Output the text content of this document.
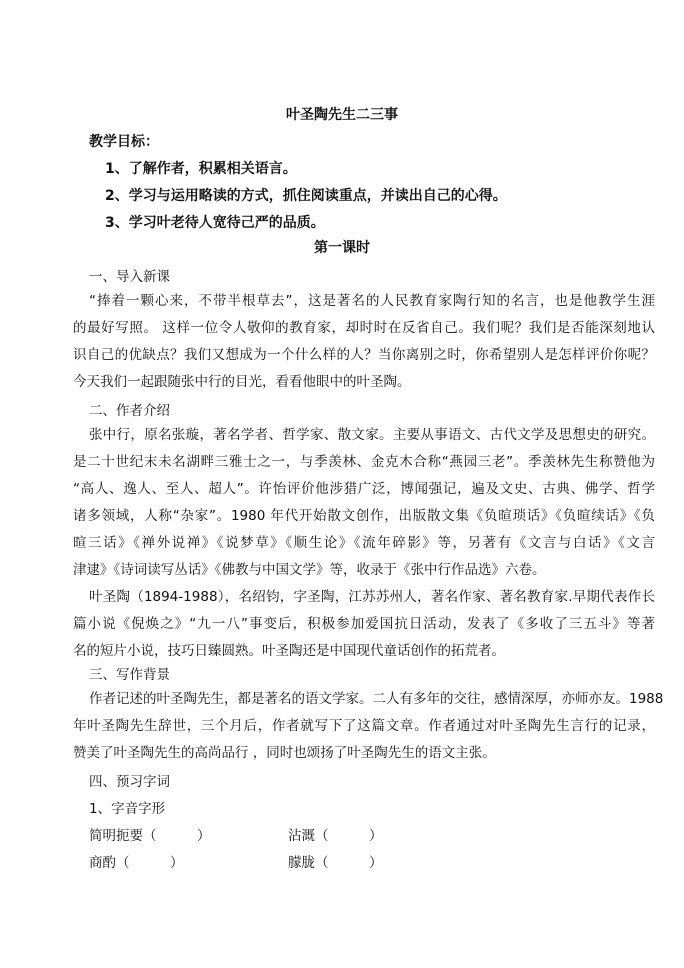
叶圣陶先生二三事
教学目标：
1、了解作者，积累相关语言。
2、学习与运用略读的方式，抓住阅读重点，并读出自己的心得。
3、学习叶老待人宽待己严的品质。
第一课时
一、导入新课
“捧着一颗心来，不带半根草去”，这是著名的人民教育家陶行知的名言，也是他教学生涯
的最好写照。 这样一位令人敬仰的教育家，却时时在反省自己。我们呢？我们是否能深刻地认
识自己的优缺点？我们又想成为一个什么样的人？当你离别之时，你希望别人是怎样评价你呢？
今天我们一起跟随张中行的目光，看看他眼中的叶圣陶。
二、作者介绍
张中行，原名张璇，著名学者、哲学家、散文家。主要从事语文、古代文学及思想史的研究。
是二十世纪末未名湖畔三雅士之一，与季羡林、金克木合称“燕园三老”。季羡林先生称赞他为
“高人、逸人、至人、超人”。许怡评价他涉猎广泛，博闻强记，遍及文史、古典、佛学、哲学
诸多领域，人称“杂家”。1980 年代开始散文创作，出版散文集《负暄琐话》《负暄续话》《负
暄三话》《禅外说禅》《说梦草》《顺生论》《流年碎影》等，另著有《文言与白话》《文言
津逮》《诗词读写丛话》《佛教与中国文学》等，收录于《张中行作品选》六卷。
叶圣陶（1894-1988），名绍钧，字圣陶，江苏苏州人，著名作家、著名教育家.早期代表作长
篇小说《倪焕之》“九一八”事变后，积极参加爱国抗日活动，发表了《多收了三五斗》等著
名的短片小说，技巧日臻圆熟。叶圣陶还是中国现代童话创作的拓荒者。
三、写作背景
作者记述的叶圣陶先生，都是著名的语文学家。二人有多年的交往，感情深厚，亦师亦友。1988
年叶圣陶先生辞世，三个月后，作者就写下了这篇文章。作者通过对叶圣陶先生言行的记录，
赞美了叶圣陶先生的高尚品行 ，同时也颂扬了叶圣陶先生的语文主张。
四、预习字词
1、字音字形
简明扼要（　　　）	沾溉（　　　）
商酌（　　　）	朦胧（　　　）
